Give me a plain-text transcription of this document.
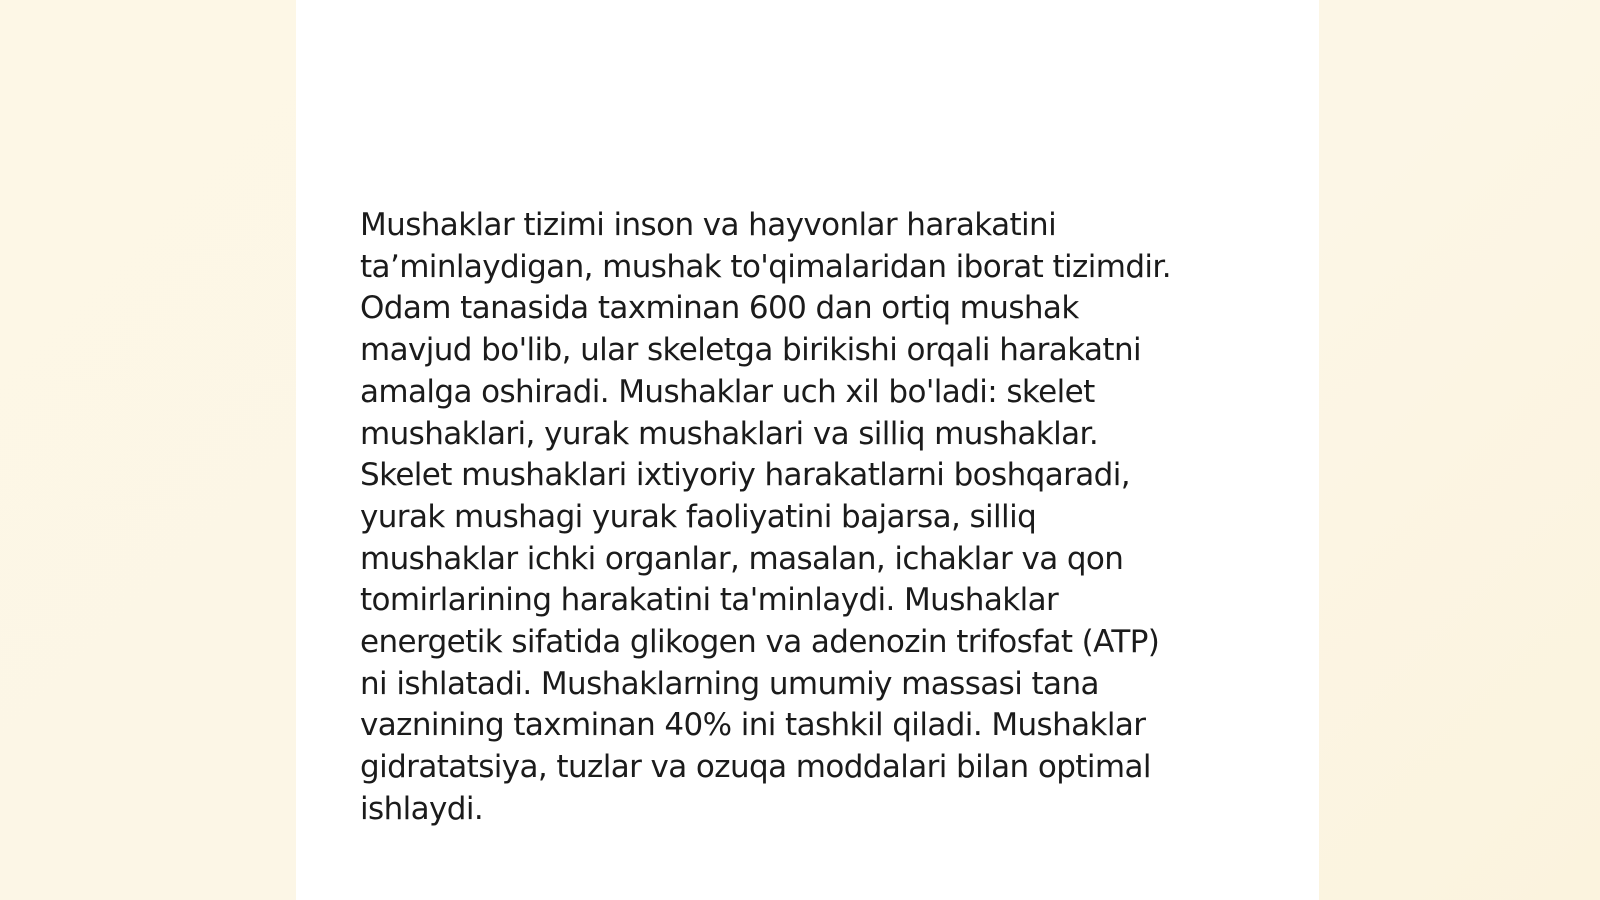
Mushaklar tizimi inson va hayvonlar harakatini
ta’minlaydigan, mushak to'qimalaridan iborat tizimdir.
Odam tanasida taxminan 600 dan ortiq mushak
mavjud bo'lib, ular skeletga birikishi orqali harakatni
amalga oshiradi. Mushaklar uch xil bo'ladi: skelet
mushaklari, yurak mushaklari va silliq mushaklar.
Skelet mushaklari ixtiyoriy harakatlarni boshqaradi,
yurak mushagi yurak faoliyatini bajarsa, silliq
mushaklar ichki organlar, masalan, ichaklar va qon
tomirlarining harakatini ta'minlaydi. Mushaklar
energetik sifatida glikogen va adenozin trifosfat (ATP)
ni ishlatadi. Mushaklarning umumiy massasi tana
vaznining taxminan 40% ini tashkil qiladi. Mushaklar
gidratatsiya, tuzlar va ozuqa moddalari bilan optimal
ishlaydi.
